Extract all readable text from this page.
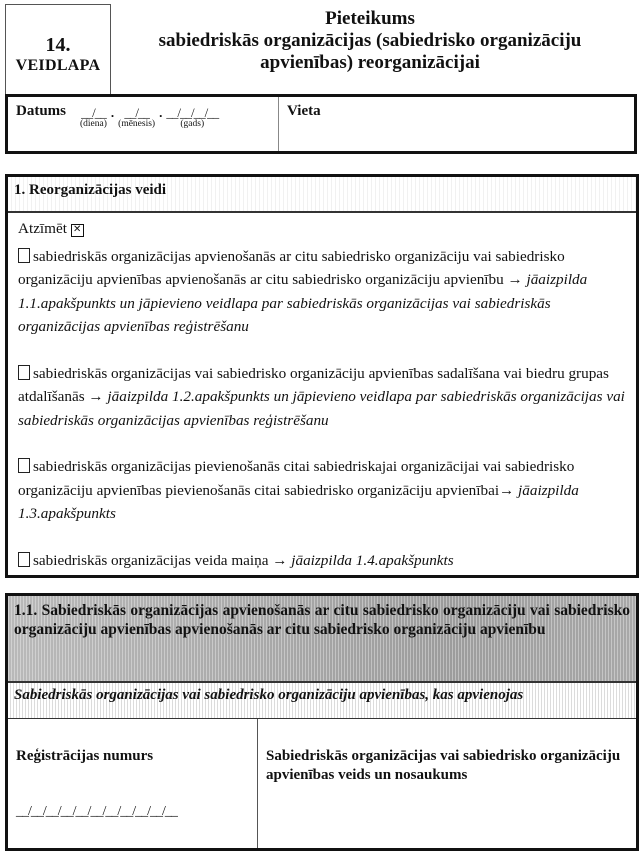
14.
VEIDLAPA
Pieteikums
sabiedriskās organizācijas (sabiedrisko organizāciju
apvienības) reorganizācijai
Datums __/__
(diena)
. __/__
(mēnesis)
. __/__/__/__
(gads)
Vieta
1. Reorganizācijas veidi
Atzīmēt ✕
sabiedriskās organizācijas apvienošanās ar citu sabiedrisko organizāciju vai sabiedrisko organizāciju apvienības apvienošanās ar citu sabiedrisko organizāciju apvienību → jāaizpilda 1.1.apakšpunkts un jāpievieno veidlapa par sabiedriskās organizācijas vai sabiedriskās organizācijas apvienības reģistrēšanu
sabiedriskās organizācijas vai sabiedrisko organizāciju apvienības sadalīšana vai biedru grupas atdalīšanās → jāaizpilda 1.2.apakšpunkts un jāpievieno veidlapa par sabiedriskās organizācijas vai sabiedriskās organizācijas apvienības reģistrēšanu
sabiedriskās organizācijas pievienošanās citai sabiedriskajai organizācijai vai sabiedrisko organizāciju apvienības pievienošanās citai sabiedrisko organizāciju apvienībai→ jāaizpilda 1.3.apakšpunkts
sabiedriskās organizācijas veida maiņa → jāaizpilda 1.4.apakšpunkts
1.1. Sabiedriskās organizācijas apvienošanās ar citu sabiedrisko organizāciju vai sabiedrisko organizāciju apvienības apvienošanās ar citu sabiedrisko organizāciju apvienību
Sabiedriskās organizācijas vai sabiedrisko organizāciju apvienības, kas apvienojas
Reģistrācijas numurs
__/__/__/__/__/__/__/__/__/__/__
Sabiedriskās organizācijas vai sabiedrisko organizāciju apvienības veids un nosaukums
